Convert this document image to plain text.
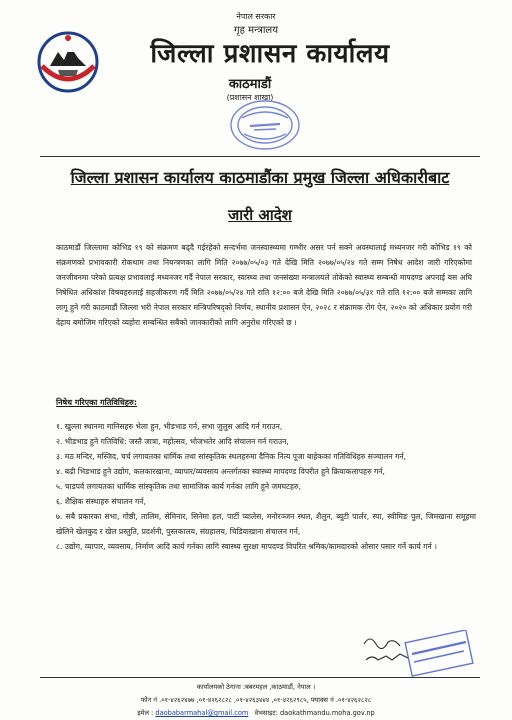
नेपाल सरकार
गृह मन्त्रालय
जिल्ला प्रशासन कार्यालय
काठमाडौं
(प्रशासन शाखा)
जिल्ला प्रशासन कार्यालय काठमाडौंका प्रमुख जिल्ला अधिकारीबाट
जारी आदेश
काठमाडौं जिल्लामा कोभिड १९ को संक्रमण बढ्दै गईरहेको सन्दर्भमा जनस्वास्थ्यमा गम्भीर असर पर्न सक्ने अवस्थालाई मध्यनजर गरी कोभिड १९ को संक्रमणको प्रभावकारी रोकथाम तथा नियन्त्रणका लागि मिति २०७७/०५/०३ गते देखि मिति २०७७/०५/२४ गते सम्म निषेध आदेश जारी गरिएकोमा जनजीवनमा परेको प्रत्यक्ष प्रभावलाई मध्यनजर गर्दै नेपाल सरकार, स्वास्थ्य तथा जनसंख्या मन्त्रालयले तोकेको स्वास्थ्य सम्बन्धी मापदण्ड अपनाई यस अघि निषेधित अधिकांश विषयहरुलाई सहजीकरण गर्दै मिति २०७७/०५/२४ गते राति १२:०० बजे देखि मिति २०७७/०५/३१ गते राति १२:०० बजे सम्मका लागि लागू हुने गरी काठमाडौं जिल्ला भरी नेपाल सरकार मन्त्रिपरिषद्को निर्णय, स्थानीय प्रशासन ऐन, २०२८ र संक्रामक रोग ऐन, २०२० को अधिकार प्रयोग गरी देहाय बमोजिम गरिएको व्यहोरा सम्बन्धित सबैको जानकारीको लागि अनुरोध गरिएको छ ।
निषेध गरिएका गतिविधिहरु:
१. खुल्ला स्थानमा मानिसहरु भेला हुन, भीडभाड गर्न, सभा जुलुस आदि गर्न गराउन,
२. भीडभाड हुने गतिविधि: जस्तै जात्रा, महोत्सव, भोजभतेर आदि संचालन गर्न गराउन,
३. मठ मन्दिर, मस्जिद, चर्च लगायतका धार्मिक तथा सांस्कृतिक स्थलहरुमा दैनिक नित्य पूजा बाहेकका गतिविधिहरु सञ्चालन गर्न,
४. बढी भिडभाड हुने उद्योग, कलकारखाना, व्यापार/व्यवसाय अन्तर्गतका स्वास्थ्य मापदण्ड विपरीत हुने क्रियाकलापहरु गर्न,
५. चाडपर्व लगायतका धार्मिक सांस्कृतिक तथा सामाजिक कार्य गर्नका लागि हुने जमघटहरु,
६. शैक्षिक संस्थाहरु संचालन गर्न,
७. सबै प्रकारका सभा, गोष्ठी, तालिम, सेमिनार, सिनेमा हल, पार्टी प्यालेस, मनोरञ्जन स्थल, शैलुन, ब्यूटी पार्लर, स्पा, स्वीमिङ पुल, जिमखाना समूहमा खेलिने खेलकुद र खेल प्रस्तुति, प्रदर्शनी, पुस्तकालय, संग्रहालय, चिडियाखाना संचालन गर्न,
८. उद्योग, व्यापार, व्यवसाय, निर्माण आदि कार्य गर्नका लागि स्वास्थ्य सुरक्षा मापदण्ड विपरित श्रमिक/कामदारको ओसार पसार गर्ने कार्य गर्न ।
कार्यालयको ठेगाना :बबरमहल ,काठमाडौं, नेपाल ।
फोन नं .०१-४२६२४७७ ,०१-४२६२८२८ ,०१-४२६३४४४ ,०१-४२६२९८५, फ्याक्स नं .०१-४२६२८२८
इमेल : daobabarmahal@gmail.com वेभसाइट: daokathmandu.moha.gov.np
